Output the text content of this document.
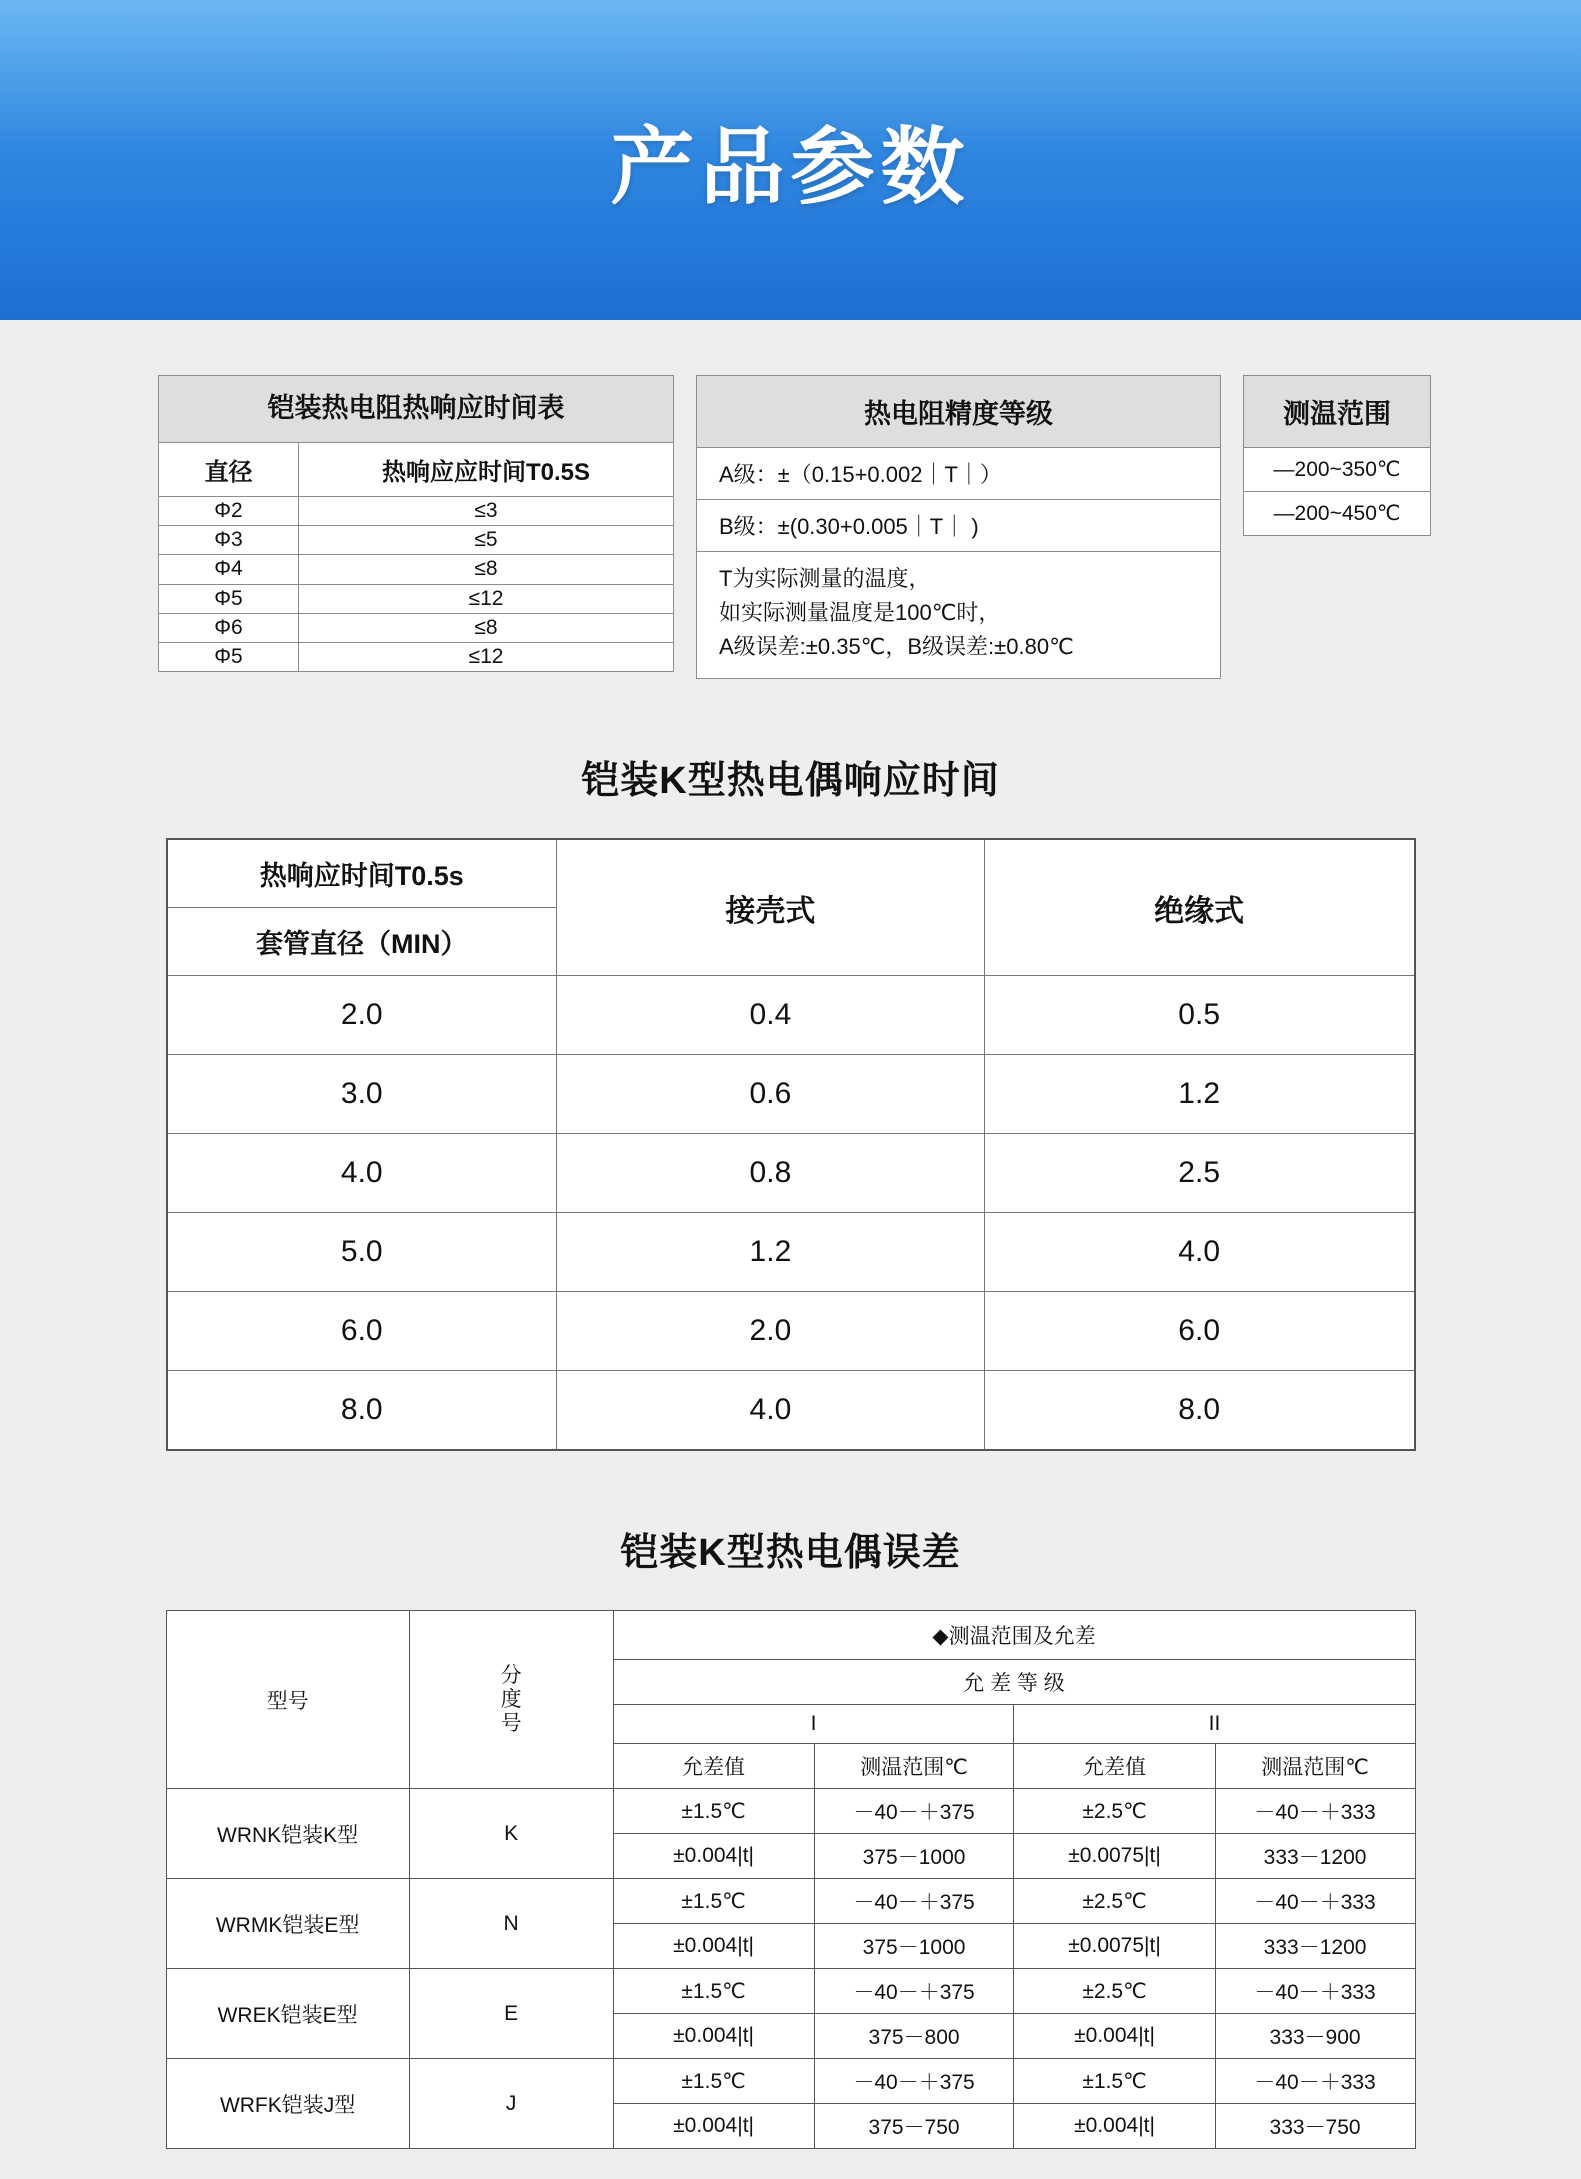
产品参数
铠装热电阻热响应时间表	
直径	热响应应时间T0.5S
Φ2	≤3
Φ3	≤5
Φ4	≤8
Φ5	≤12
Φ6	≤8
Φ5	≤12
热电阻精度等级
A级：±（0.15+0.002｜T｜）
B级：±(0.30+0.005｜T｜ )

T为实际测量的温度，
如实际测量温度是100℃时，
A级误差:±0.35℃，B级误差:±0.80℃
测温范围
—200~350℃
—200~450℃
铠装K型热电偶响应时间
热响应时间T0.5s	接壳式	绝缘式
套管直径（MIN）		
2.0	0.4	0.5
3.0	0.6	1.2
4.0	0.8	2.5
5.0	1.2	4.0
6.0	2.0	6.0
8.0	4.0	8.0
铠装K型热电偶误差
型号	分
度
号	◆测温范围及允差			
		允 差 等 级			
		I		II	
		允差值	测温范围℃	允差值	测温范围℃
WRNK铠装K型	K	±1.5℃	－40－＋375	±2.5℃	－40－＋333
		±0.004|t|	375－1000	±0.0075|t|	333－1200
WRMK铠装E型	N	±1.5℃	－40－＋375	±2.5℃	－40－＋333
		±0.004|t|	375－1000	±0.0075|t|	333－1200
WREK铠装E型	E	±1.5℃	－40－＋375	±2.5℃	－40－＋333
		±0.004|t|	375－800	±0.004|t|	333－900
WRFK铠装J型	J	±1.5℃	－40－＋375	±1.5℃	－40－＋333
		±0.004|t|	375－750	±0.004|t|	333－750
